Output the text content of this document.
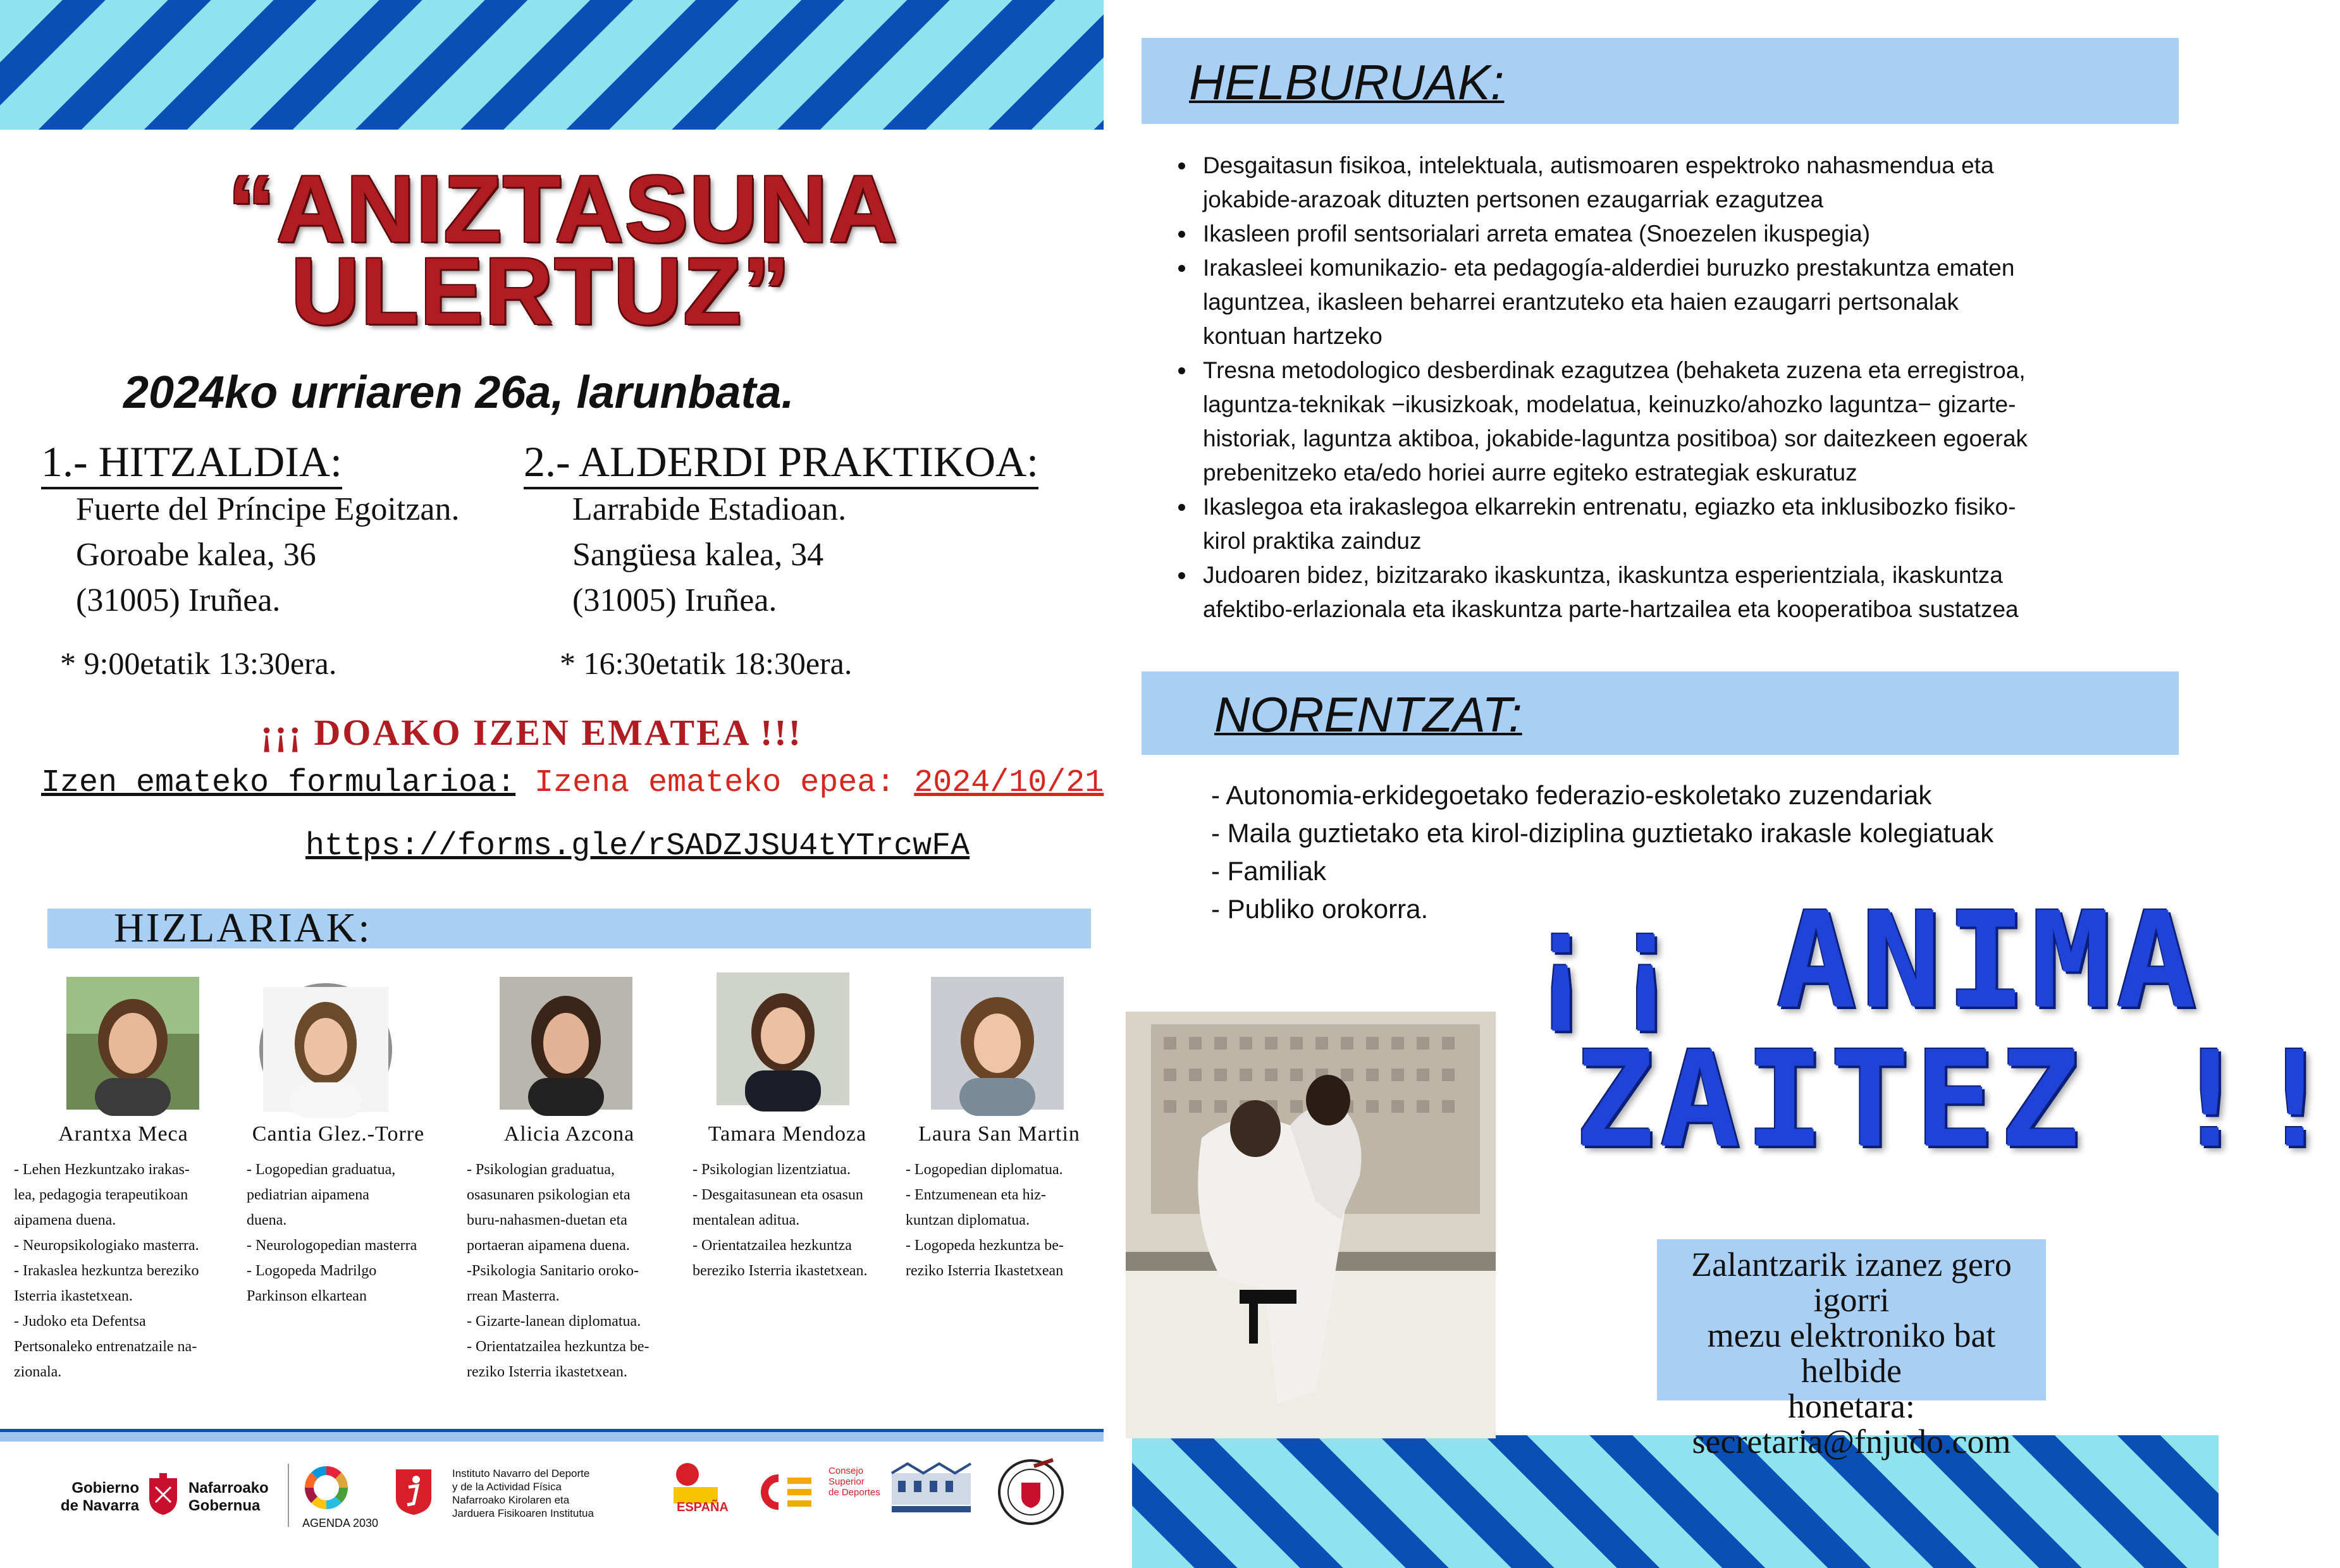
“ANIZTASUNA
ULERTUZ”
2024ko urriaren 26a, larunbata.
1.- HITZALDIA:
Fuerte del Príncipe Egoitzan.
Goroabe kalea, 36
(31005) Iruñea.
* 9:00etatik 13:30era.
2.- ALDERDI PRAKTIKOA:
Larrabide Estadioan.
Sangüesa kalea, 34
(31005) Iruñea.
* 16:30etatik 18:30era.
¡¡¡ DOAKO IZEN EMATEA !!!
Izen emateko formularioa: Izena emateko epea: 2024/10/21
https://forms.gle/rSADZJSU4tYTrcwFA
HIZLARIAK:
Arantxa Meca	Cantia Glez.-Torre	Alicia Azcona	Tamara Mendoza	Laura San Martin
- Lehen Hezkuntzako irakas-
lea, pedagogia terapeutikoan
aipamena duena.
- Neuropsikologiako masterra.
- Irakaslea hezkuntza bereziko
Isterria ikastetxean.
- Judoko eta Defentsa
Pertsonaleko entrenatzaile na-
zionala.
- Logopedian graduatua,
pediatrian aipamena
duena.
- Neurologopedian masterra
- Logopeda Madrilgo
Parkinson elkartean
- Psikologian graduatua,
osasunaren psikologian eta
buru-nahasmen-duetan eta
portaeran aipamena duena.
-Psikologia Sanitario oroko-
rrean Masterra.
- Gizarte-lanean diplomatua.
- Orientatzailea hezkuntza be-
reziko Isterria ikastetxean.
- Psikologian lizentziatua.
- Desgaitasunean eta osasun
mentalean aditua.
- Orientatzailea hezkuntza
bereziko Isterria ikastetxean.
- Logopedian diplomatua.
- Entzumenean eta hiz-
kuntzan diplomatua.
- Logopeda hezkuntza be-
reziko Isterria Ikastetxean
Gobierno
de Navarra
Nafarroako
Gobernua
AGENDA 2030
Instituto Navarro del Deporte
y de la Actividad Física
Nafarroako Kirolaren eta
Jarduera Fisikoaren Institutua	ESPAÑA
Consejo
Superior
de Deportes
HELBURUAK:
• Desgaitasun fisikoa, intelektuala, autismoaren espektroko nahasmendua eta
jokabide-arazoak dituzten pertsonen ezaugarriak ezagutzea
• Ikasleen profil sentsorialari arreta ematea (Snoezelen ikuspegia)
• Irakasleei komunikazio- eta pedagogía-alderdiei buruzko prestakuntza ematen
laguntzea, ikasleen beharrei erantzuteko eta haien ezaugarri pertsonalak
kontuan hartzeko
• Tresna metodologico desberdinak ezagutzea (behaketa zuzena eta erregistroa,
laguntza-teknikak −ikusizkoak, modelatua, keinuzko/ahozko laguntza− gizarte-
historiak, laguntza aktiboa, jokabide-laguntza positiboa) sor daitezkeen egoerak
prebenitzeko eta/edo horiei aurre egiteko estrategiak eskuratuz
• Ikaslegoa eta irakaslegoa elkarrekin entrenatu, egiazko eta inklusibozko fisiko-
kirol praktika zainduz
• Judoaren bidez, bizitzarako ikaskuntza, ikaskuntza esperientziala, ikaskuntza
afektibo-erlazionala eta ikaskuntza parte-hartzailea eta kooperatiboa sustatzea
NORENTZAT:
- Autonomia-erkidegoetako federazio-eskoletako zuzendariak
- Maila guztietako eta kirol-diziplina guztietako irakasle kolegiatuak
- Familiak
- Publiko orokorra. ¡¡ ANIMA
ZAITEZ !!
Zalantzarik izanez gero igorri
mezu elektroniko bat helbide
honetara:
secretaria@fnjudo.com
